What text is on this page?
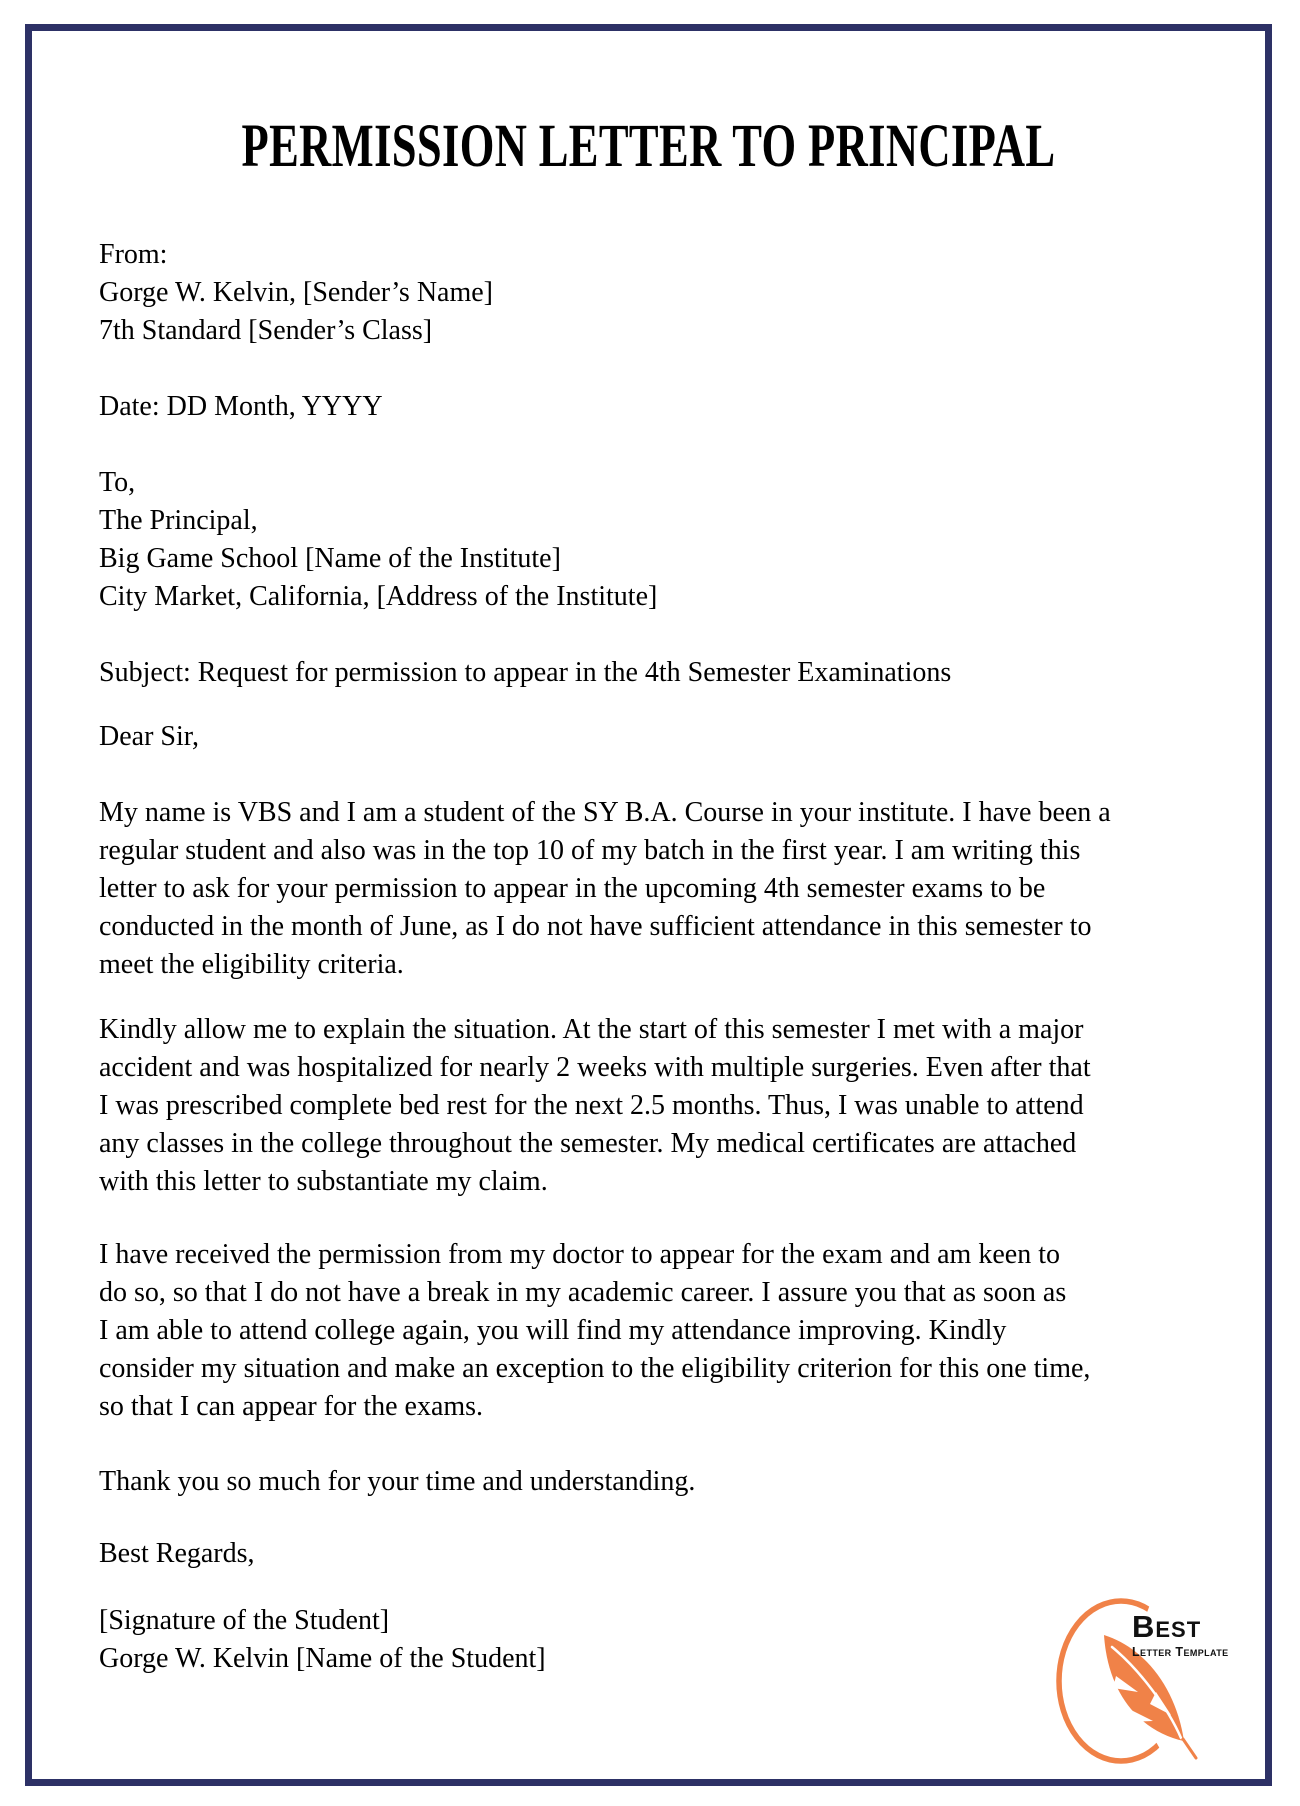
PERMISSION LETTER TO PRINCIPAL
From:
Gorge W. Kelvin, [Sender’s Name]
7th Standard [Sender’s Class]
Date: DD Month, YYYY
To,
The Principal,
Big Game School [Name of the Institute]
City Market, California, [Address of the Institute]
Subject: Request for permission to appear in the 4th Semester Examinations
Dear Sir,
My name is VBS and I am a student of the SY B.A. Course in your institute. I have been a
regular student and also was in the top 10 of my batch in the first year. I am writing this
letter to ask for your permission to appear in the upcoming 4th semester exams to be
conducted in the month of June, as I do not have sufficient attendance in this semester to
meet the eligibility criteria.
Kindly allow me to explain the situation. At the start of this semester I met with a major
accident and was hospitalized for nearly 2 weeks with multiple surgeries. Even after that
I was prescribed complete bed rest for the next 2.5 months. Thus, I was unable to attend
any classes in the college throughout the semester. My medical certificates are attached
with this letter to substantiate my claim.
I have received the permission from my doctor to appear for the exam and am keen to
do so, so that I do not have a break in my academic career. I assure you that as soon as
I am able to attend college again, you will find my attendance improving. Kindly
consider my situation and make an exception to the eligibility criterion for this one time,
so that I can appear for the exams.
Thank you so much for your time and understanding.
Best Regards,
[Signature of the Student]
Gorge W. Kelvin [Name of the Student]
Best
Letter Template
